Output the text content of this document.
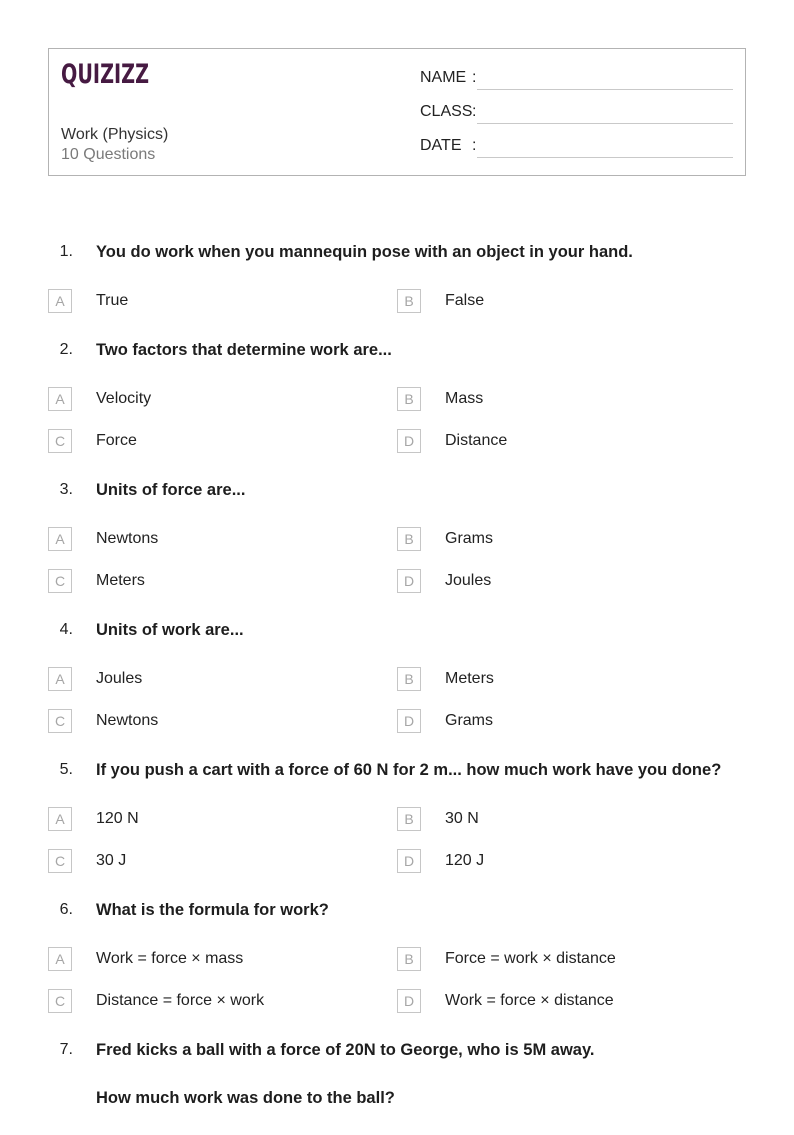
QUIZIZZ
Work (Physics)
10 Questions
NAME :
CLASS :
DATE :
1. You do work when you mannequin pose with an object in your hand.
A	True	B	False
2. Two factors that determine work are...
A	Velocity	B	Mass
C	Force	D	Distance
3. Units of force are...
A	Newtons	B	Grams
C	Meters	D	Joules
4. Units of work are...
A	Joules	B	Meters
C	Newtons	D	Grams
5. If you push a cart with a force of 60 N for 2 m... how much work have you done?
A	120 N	B	30 N
C	30 J	D	120 J
6. What is the formula for work?
A	Work = force × mass	B	Force = work × distance
C	Distance = force × work	D	Work = force × distance
7. Fred kicks a ball with a force of 20N to George, who is 5M away.
How much work was done to the ball?
